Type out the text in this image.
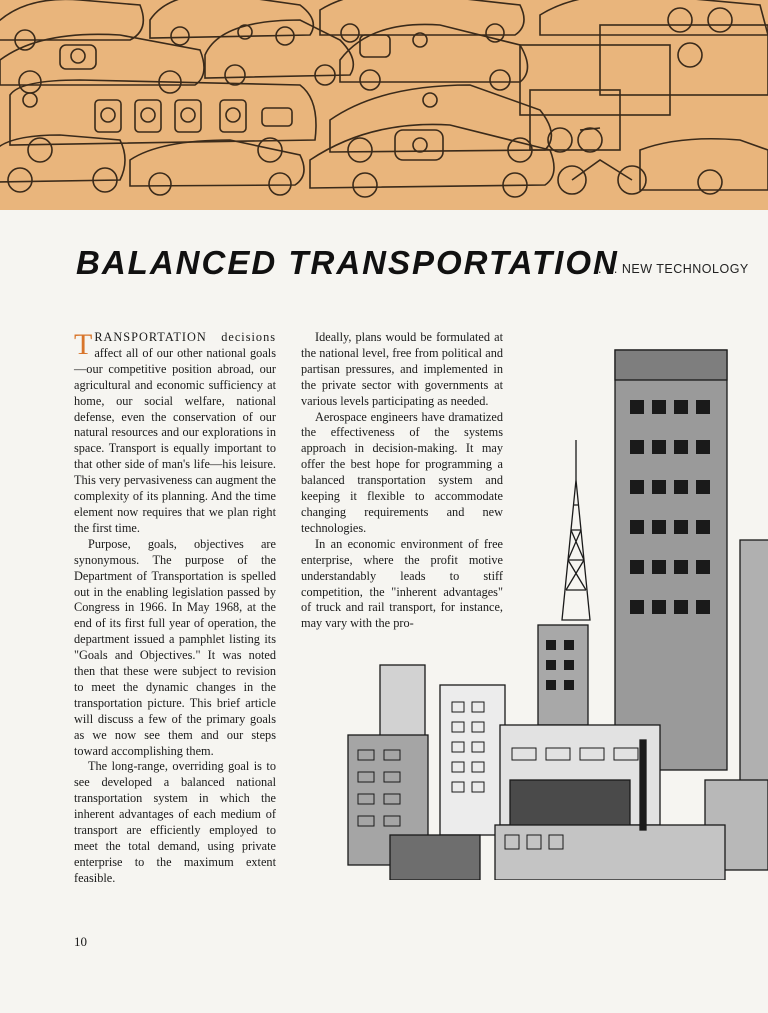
BALANCED TRANSPORTATION
. . . NEW TECHNOLOGY

TRANSPORTATION decisions affect all of our other national goals—our competitive position abroad, our agricultural and economic sufficiency at home, our social welfare, national defense, even the conservation of our natural resources and our explorations in space. Transport is equally important to that other side of man's life—his leisure. This very pervasiveness can augment the complexity of its planning. And the time element now requires that we plan right the first time.

Purpose, goals, objectives are synonymous. The purpose of the Department of Transportation is spelled out in the enabling legislation passed by Congress in 1966. In May 1968, at the end of its first full year of operation, the department issued a pamphlet listing its "Goals and Objectives." It was noted then that these were subject to revision to meet the dynamic changes in the transportation picture. This brief article will discuss a few of the primary goals as we now see them and our steps toward accomplishing them.

The long-range, overriding goal is to see developed a balanced national transportation system in which the inherent advantages of each medium of transport are efficiently employed to meet the total demand, using private enterprise to the maximum extent feasible.

Ideally, plans would be formulated at the national level, free from political and partisan pressures, and implemented in the private sector with governments at various levels participating as needed.

Aerospace engineers have dramatized the effectiveness of the systems approach in decision-making. It may offer the best hope for programming a balanced transportation system and keeping it flexible to accommodate changing requirements and new technologies.

In an economic environment of free enterprise, where the profit motive understandably leads to stiff competition, the "inherent advantages" of truck and rail transport, for instance, may vary with the pro-

10
